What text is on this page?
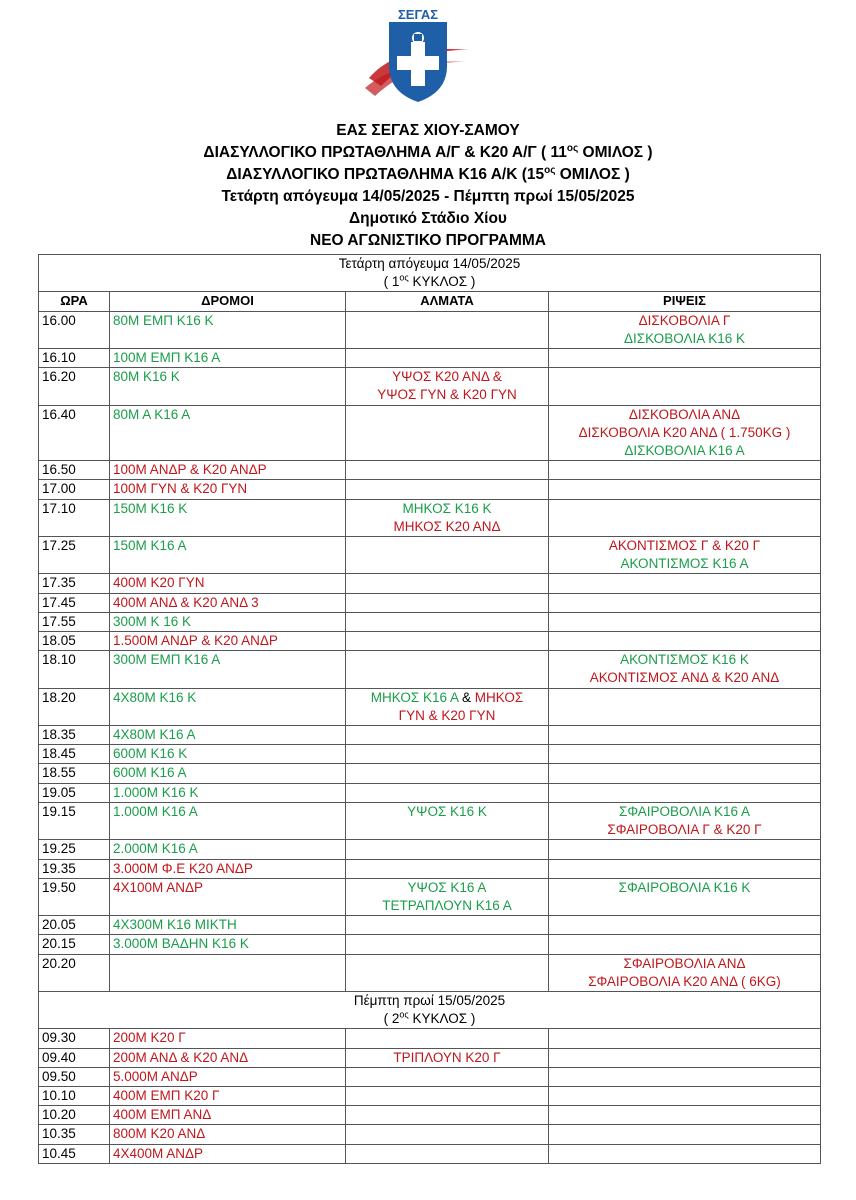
ΣΕΓΑΣ
ΕΑΣ ΣΕΓΑΣ ΧΙΟΥ-ΣΑΜΟΥ
ΔΙΑΣΥΛΛΟΓΙΚΟ ΠΡΩΤΑΘΛΗΜΑ Α/Γ & Κ20 Α/Γ ( $11^{o\varsigma}$ ΟΜΙΛΟΣ )
ΔΙΑΣΥΛΛΟΓΙΚΟ ΠΡΩΤΑΘΛΗΜΑ Κ16 Α/Κ ($15^{o\varsigma}$ ΟΜΙΛΟΣ )
Τετάρτη απόγευμα 14/05/2025 - Πέμπτη πρωί 15/05/2025
Δημοτικό Στάδιο Χίου
ΝΕΟ ΑΓΩΝΙΣΤΙΚΟ ΠΡΟΓΡΑΜΜΑ
Τετάρτη απόγευμα 14/05/2025
( $1^{o\varsigma}$ ΚΥΚΛΟΣ )			

ΩΡΑ	ΔΡΟΜΟΙ	ΑΛΜΑΤΑ	ΡΙΨΕΙΣ
16.00	80Μ ΕΜΠ Κ16 Κ		ΔΙΣΚΟΒΟΛΙΑ Γ
ΔΙΣΚΟΒΟΛΙΑ Κ16 Κ

16.10	100Μ ΕΜΠ Κ16 Α		

16.20	80Μ Κ16 Κ	ΥΨΟΣ Κ20 ΑΝΔ &
ΥΨΟΣ ΓΥΝ & Κ20 ΓΥΝ	

16.40	80Μ Α Κ16 Α		ΔΙΣΚΟΒΟΛΙΑ ΑΝΔ
ΔΙΣΚΟΒΟΛΙΑ Κ20 ΑΝΔ ( 1.750KG )
ΔΙΣΚΟΒΟΛΙΑ Κ16 Α

16.50	100Μ ΑΝΔΡ & Κ20 ΑΝΔΡ		

17.00	100Μ ΓΥΝ & Κ20 ΓΥΝ		

17.10	150Μ Κ16 Κ	ΜΗΚΟΣ Κ16 Κ
ΜΗΚΟΣ Κ20 ΑΝΔ	

17.25	150Μ Κ16 Α		ΑΚΟΝΤΙΣΜΟΣ Γ & Κ20 Γ
ΑΚΟΝΤΙΣΜΟΣ Κ16 Α

17.35	400Μ Κ20 ΓΥΝ		

17.45	400Μ ΑΝΔ & Κ20 ΑΝΔ 3		

17.55	300Μ Κ 16 Κ		

18.05	1.500Μ ΑΝΔΡ & Κ20 ΑΝΔΡ		

18.10	300Μ ΕΜΠ Κ16 Α		ΑΚΟΝΤΙΣΜΟΣ Κ16 Κ
ΑΚΟΝΤΙΣΜΟΣ ΑΝΔ & Κ20 ΑΝΔ

18.20	4Χ80Μ Κ16 Κ	ΜΗΚΟΣ Κ16 Α & ΜΗΚΟΣ
ΓΥΝ & Κ20 ΓΥΝ	

18.35	4Χ80Μ Κ16 Α		

18.45	600Μ Κ16 Κ		

18.55	600Μ Κ16 Α		

19.05	1.000Μ Κ16 Κ		

19.15	1.000Μ Κ16 Α	ΥΨΟΣ Κ16 Κ	ΣΦΑΙΡΟΒΟΛΙΑ Κ16 Α
ΣΦΑΙΡΟΒΟΛΙΑ Γ & Κ20 Γ

19.25	2.000Μ Κ16 Α		

19.35	3.000Μ Φ.Ε Κ20 ΑΝΔΡ		

19.50	4Χ100Μ ΑΝΔΡ	ΥΨΟΣ Κ16 Α
ΤΕΤΡΑΠΛΟΥΝ Κ16 Α	ΣΦΑΙΡΟΒΟΛΙΑ Κ16 Κ

20.05	4Χ300Μ Κ16 ΜΙΚΤΗ		

20.15	3.000Μ ΒΑΔΗΝ Κ16 Κ		

20.20			ΣΦΑΙΡΟΒΟΛΙΑ ΑΝΔ
ΣΦΑΙΡΟΒΟΛΙΑ Κ20 ΑΝΔ ( 6KG)

Πέμπτη πρωί 15/05/2025
( $2^{o\varsigma}$ ΚΥΚΛΟΣ )			

09.30	200Μ Κ20 Γ		

09.40	200Μ ΑΝΔ & Κ20 ΑΝΔ	ΤΡΙΠΛΟΥΝ Κ20 Γ	

09.50	5.000Μ ΑΝΔΡ		

10.10	400Μ ΕΜΠ Κ20 Γ		

10.20	400Μ ΕΜΠ ΑΝΔ		

10.35	800Μ Κ20 ΑΝΔ		

10.45	4Χ400Μ ΑΝΔΡ		
